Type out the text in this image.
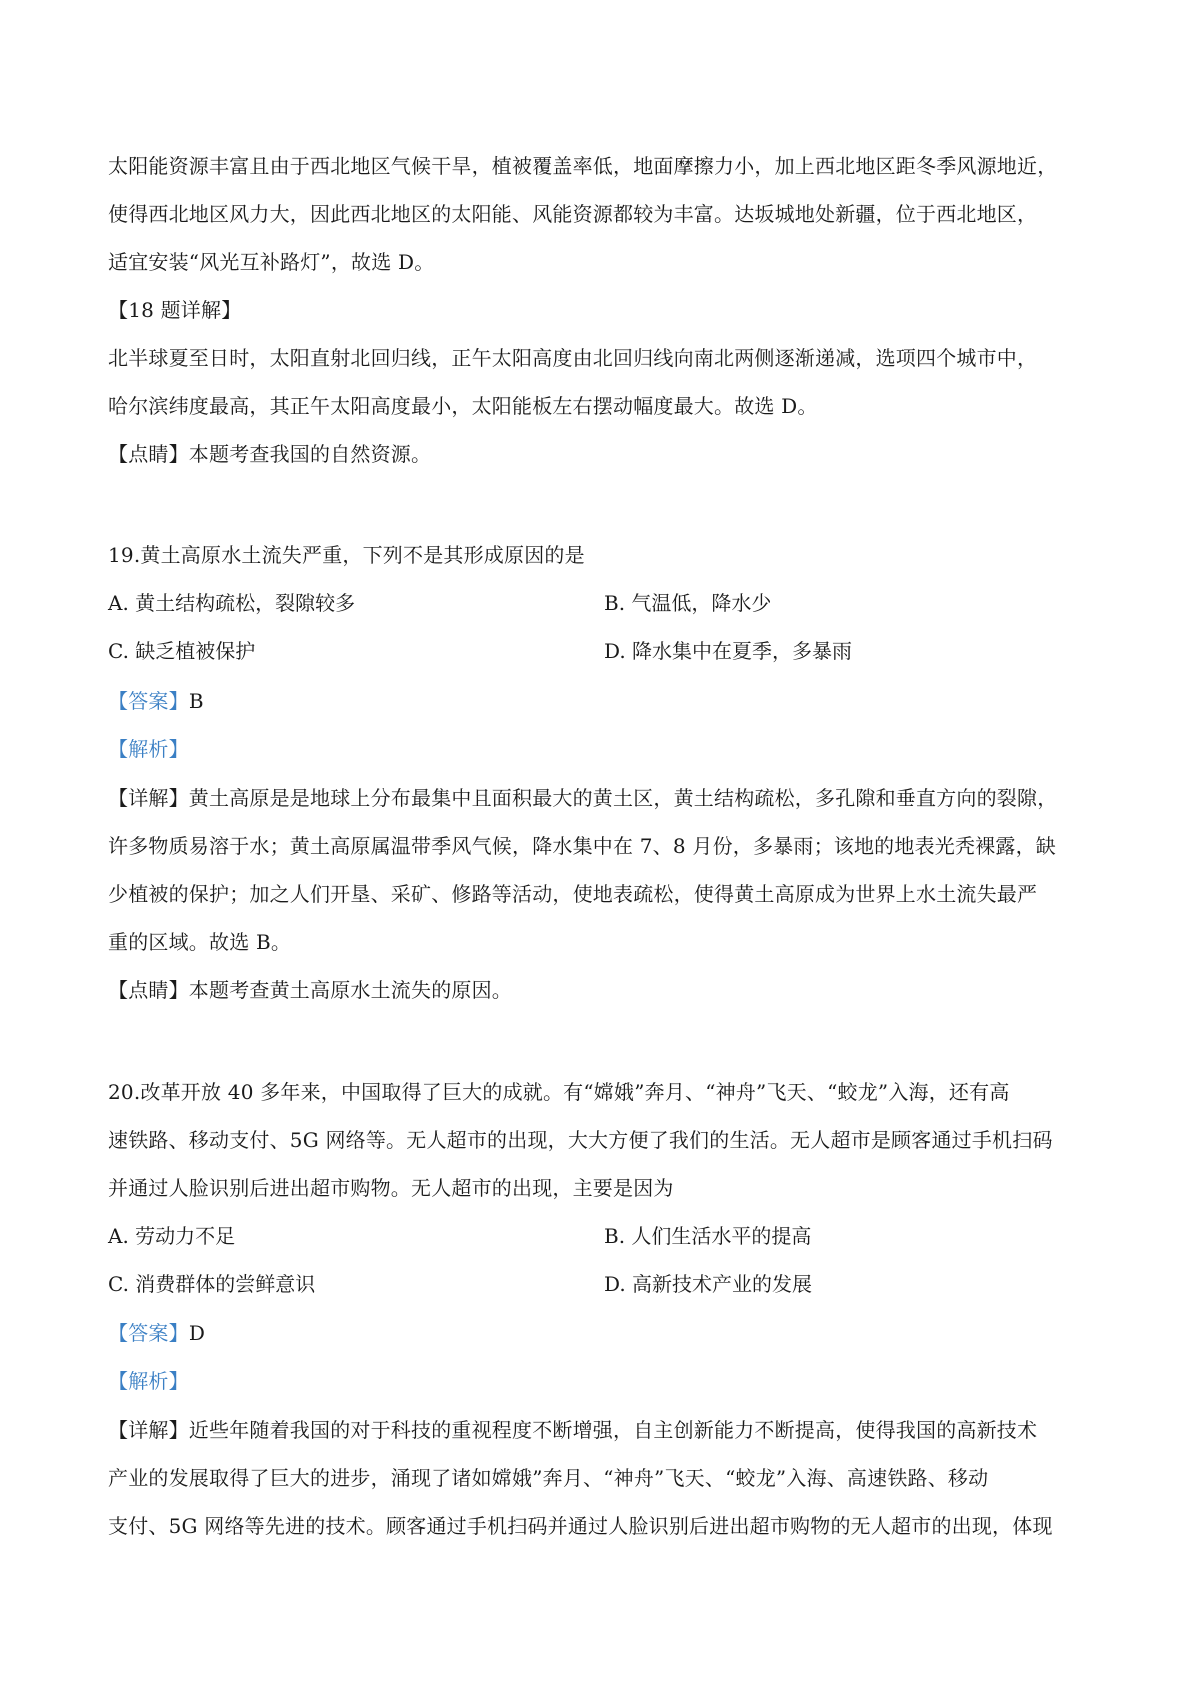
太阳能资源丰富且由于西北地区气候干旱，植被覆盖率低，地面摩擦力小，加上西北地区距冬季风源地近，
使得西北地区风力大，因此西北地区的太阳能、风能资源都较为丰富。达坂城地处新疆，位于西北地区，
适宜安装“风光互补路灯”，故选 D。
【18 题详解】
北半球夏至日时，太阳直射北回归线，正午太阳高度由北回归线向南北两侧逐渐递减，选项四个城市中，
哈尔滨纬度最高，其正午太阳高度最小，太阳能板左右摆动幅度最大。故选 D。
【点睛】本题考查我国的自然资源。
19.黄土高原水土流失严重，下列不是其形成原因的是
A. 黄土结构疏松，裂隙较多	B. 气温低，降水少
C. 缺乏植被保护	D. 降水集中在夏季，多暴雨
【答案】B
【解析】
【详解】黄土高原是是地球上分布最集中且面积最大的黄土区，黄土结构疏松，多孔隙和垂直方向的裂隙，
许多物质易溶于水；黄土高原属温带季风气候，降水集中在 7、8 月份，多暴雨；该地的地表光秃裸露，缺
少植被的保护；加之人们开垦、采矿、修路等活动，使地表疏松，使得黄土高原成为世界上水土流失最严
重的区域。故选 B。
【点睛】本题考查黄土高原水土流失的原因。
20.改革开放 40 多年来，中国取得了巨大的成就。有“嫦娥”奔月、“神舟”飞天、“蛟龙”入海，还有高
速铁路、移动支付、5G 网络等。无人超市的出现，大大方便了我们的生活。无人超市是顾客通过手机扫码
并通过人脸识别后进出超市购物。无人超市的出现，主要是因为
A. 劳动力不足	B. 人们生活水平的提高
C. 消费群体的尝鲜意识	D. 高新技术产业的发展
【答案】D
【解析】
【详解】近些年随着我国的对于科技的重视程度不断增强，自主创新能力不断提高，使得我国的高新技术
产业的发展取得了巨大的进步，涌现了诸如嫦娥”奔月、“神舟”飞天、“蛟龙”入海、高速铁路、移动
支付、5G 网络等先进的技术。顾客通过手机扫码并通过人脸识别后进出超市购物的无人超市的出现，体现
